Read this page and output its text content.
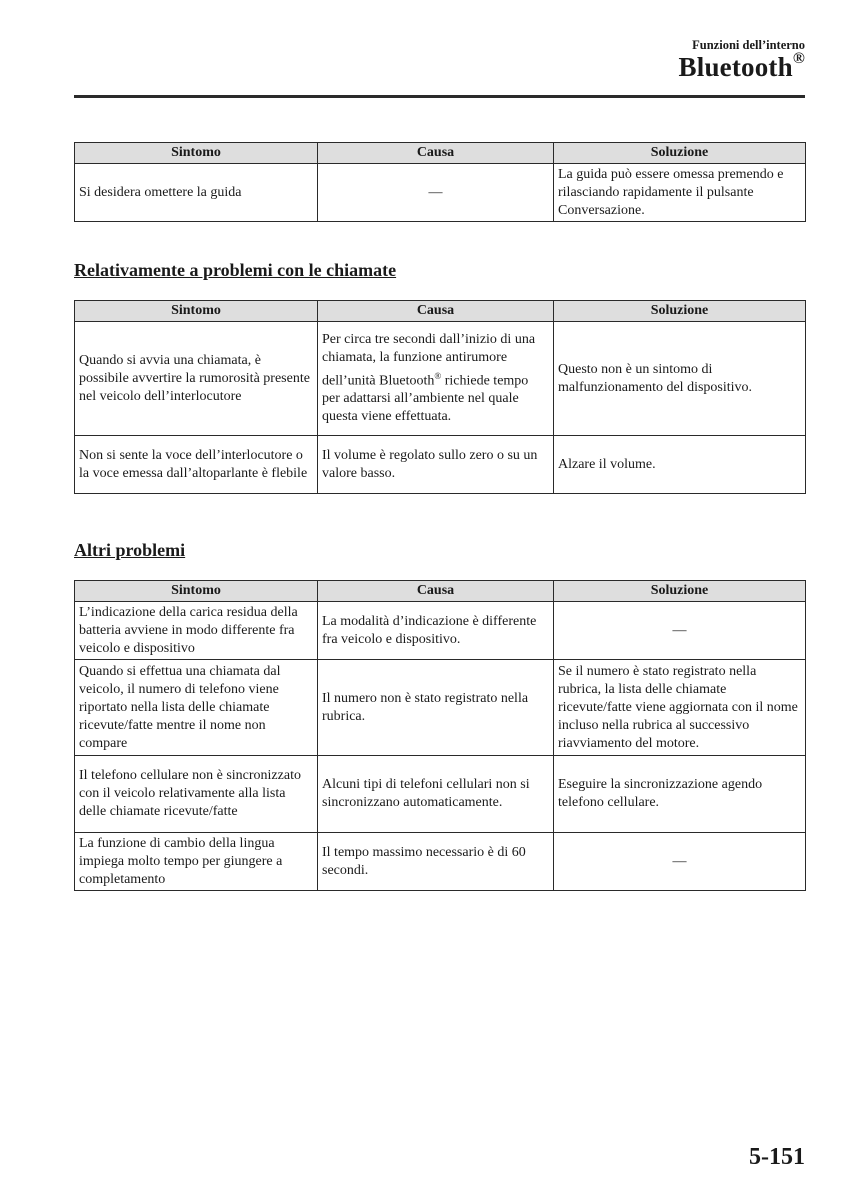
Funzioni dell’interno
Bluetooth®
Sintomo	Causa	Soluzione
Si desidera omettere la guida	—	La guida può essere omessa premendo e rilasciando rapidamente il pulsante Conversazione.
Relativamente a problemi con le chiamate
Sintomo	Causa	Soluzione
Quando si avvia una chiamata, è possibile avvertire la rumorosità presente nel veicolo dell’interlocutore	Per circa tre secondi dall’inizio di una chiamata, la funzione antirumore dell’unità Bluetooth® richiede tempo per adattarsi all’ambiente nel quale questa viene effettuata.	Questo non è un sintomo di malfunzionamento del dispositivo.
Non si sente la voce dell’interlocutore o la voce emessa dall’altoparlante è flebile	Il volume è regolato sullo zero o su un valore basso.	Alzare il volume.
Altri problemi
Sintomo	Causa	Soluzione
L’indicazione della carica residua della batteria avviene in modo differente fra veicolo e dispositivo	La modalità d’indicazione è differente fra veicolo e dispositivo.	—
Quando si effettua una chiamata dal veicolo, il numero di telefono viene riportato nella lista delle chiamate ricevute/fatte mentre il nome non compare	Il numero non è stato registrato nella rubrica.	Se il numero è stato registrato nella rubrica, la lista delle chiamate ricevute/fatte viene aggiornata con il nome incluso nella rubrica al successivo riavviamento del motore.
Il telefono cellulare non è sincronizzato con il veicolo relativamente alla lista delle chiamate ricevute/fatte	Alcuni tipi di telefoni cellulari non si sincronizzano automaticamente.	Eseguire la sincronizzazione agendo telefono cellulare.
La funzione di cambio della lingua impiega molto tempo per giungere a completamento	Il tempo massimo necessario è di 60 secondi.	—
5-151
